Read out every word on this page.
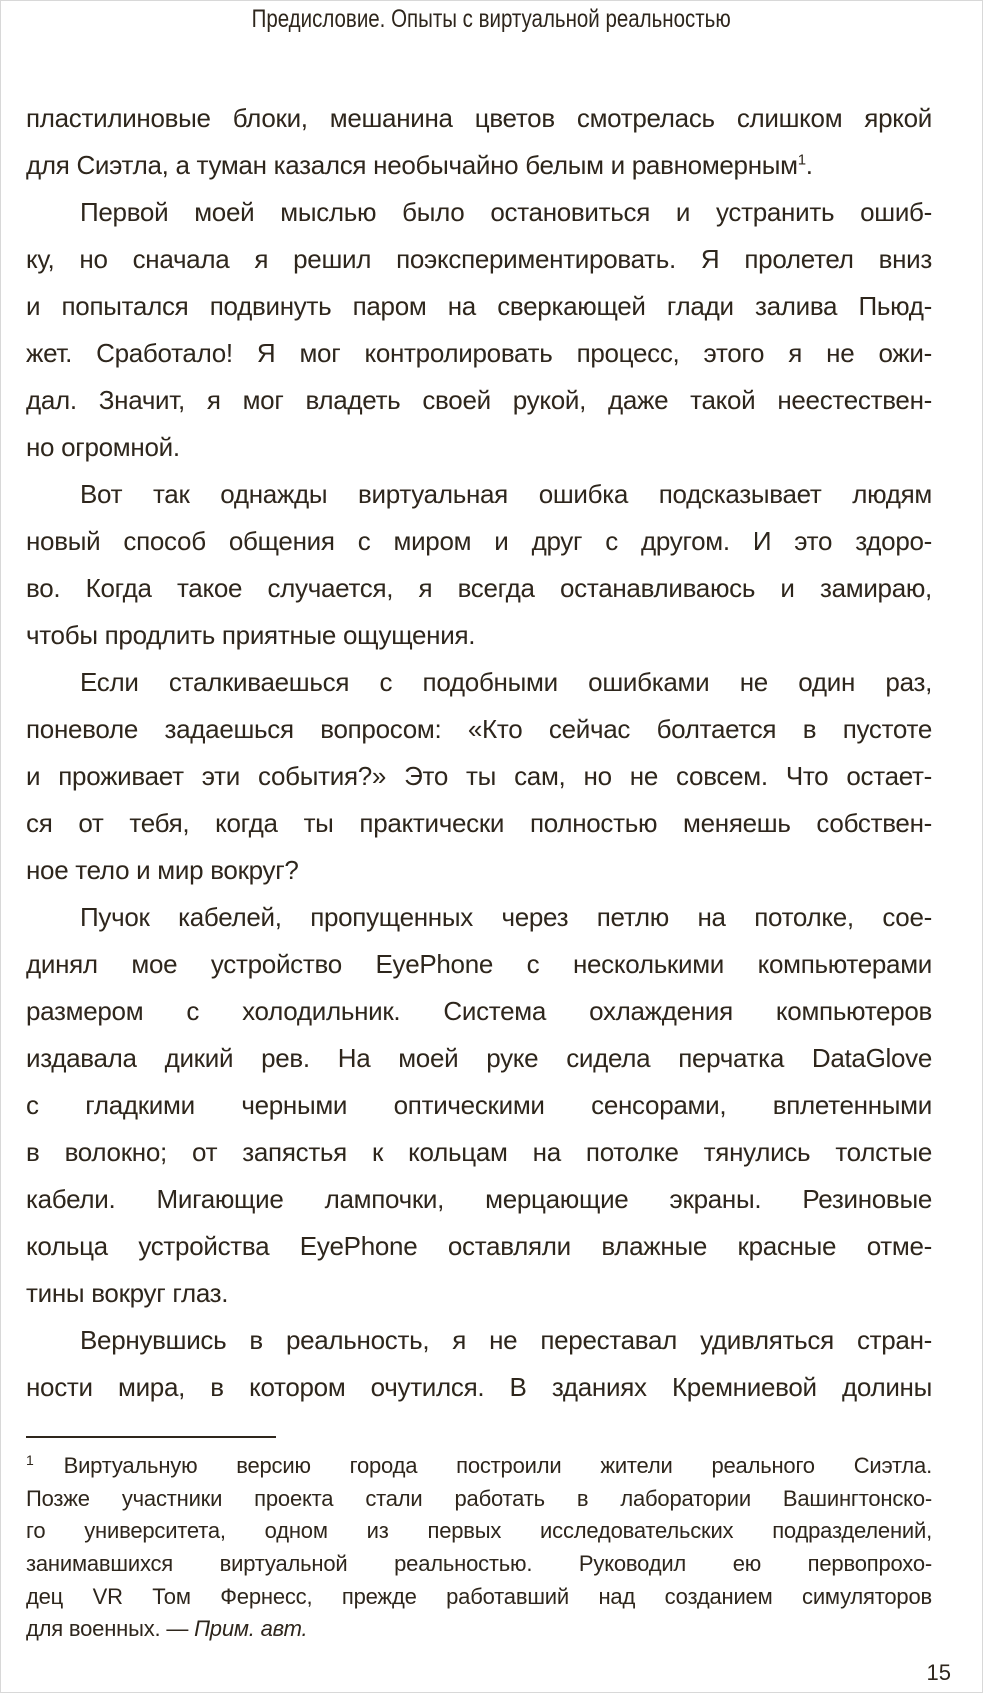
Предисловие. Опыты с виртуальной реальностью
пластилиновые блоки, мешанина цветов смотрелась слишком яркой
для Сиэтла, а туман казался необычайно белым и равномерным$^1$.
Первой моей мыслью было остановиться и устранить ошиб-
ку, но сначала я решил поэкспериментировать. Я пролетел вниз
и попытался подвинуть паром на сверкающей глади залива Пьюд-
жет. Сработало! Я мог контролировать процесс, этого я не ожи-
дал. Значит, я мог владеть своей рукой, даже такой неестествен-
но огромной.
Вот так однажды виртуальная ошибка подсказывает людям
новый способ общения с миром и друг с другом. И это здоро-
во. Когда такое случается, я всегда останавливаюсь и замираю,
чтобы продлить приятные ощущения.
Если сталкиваешься с подобными ошибками не один раз,
поневоле задаешься вопросом: «Кто сейчас болтается в пустоте
и проживает эти события?» Это ты сам, но не совсем. Что остает-
ся от тебя, когда ты практически полностью меняешь собствен-
ное тело и мир вокруг?
Пучок кабелей, пропущенных через петлю на потолке, сое-
динял мое устройство EyePhone с несколькими компьютерами
размером с холодильник. Система охлаждения компьютеров
издавала дикий рев. На моей руке сидела перчатка DataGlove
с гладкими черными оптическими сенсорами, вплетенными
в волокно; от запястья к кольцам на потолке тянулись толстые
кабели. Мигающие лампочки, мерцающие экраны. Резиновые
кольца устройства EyePhone оставляли влажные красные отме-
тины вокруг глаз.
Вернувшись в реальность, я не переставал удивляться стран-
ности мира, в котором очутился. В зданиях Кремниевой долины
$^1$ Виртуальную версию города построили жители реального Сиэтла.
Позже участники проекта стали работать в лаборатории Вашингтонско-
го университета, одном из первых исследовательских подразделений,
занимавшихся виртуальной реальностью. Руководил ею первопрохо-
дец VR Том Фернесс, прежде работавший над созданием симуляторов
для военных. — Прим. авт.
15
